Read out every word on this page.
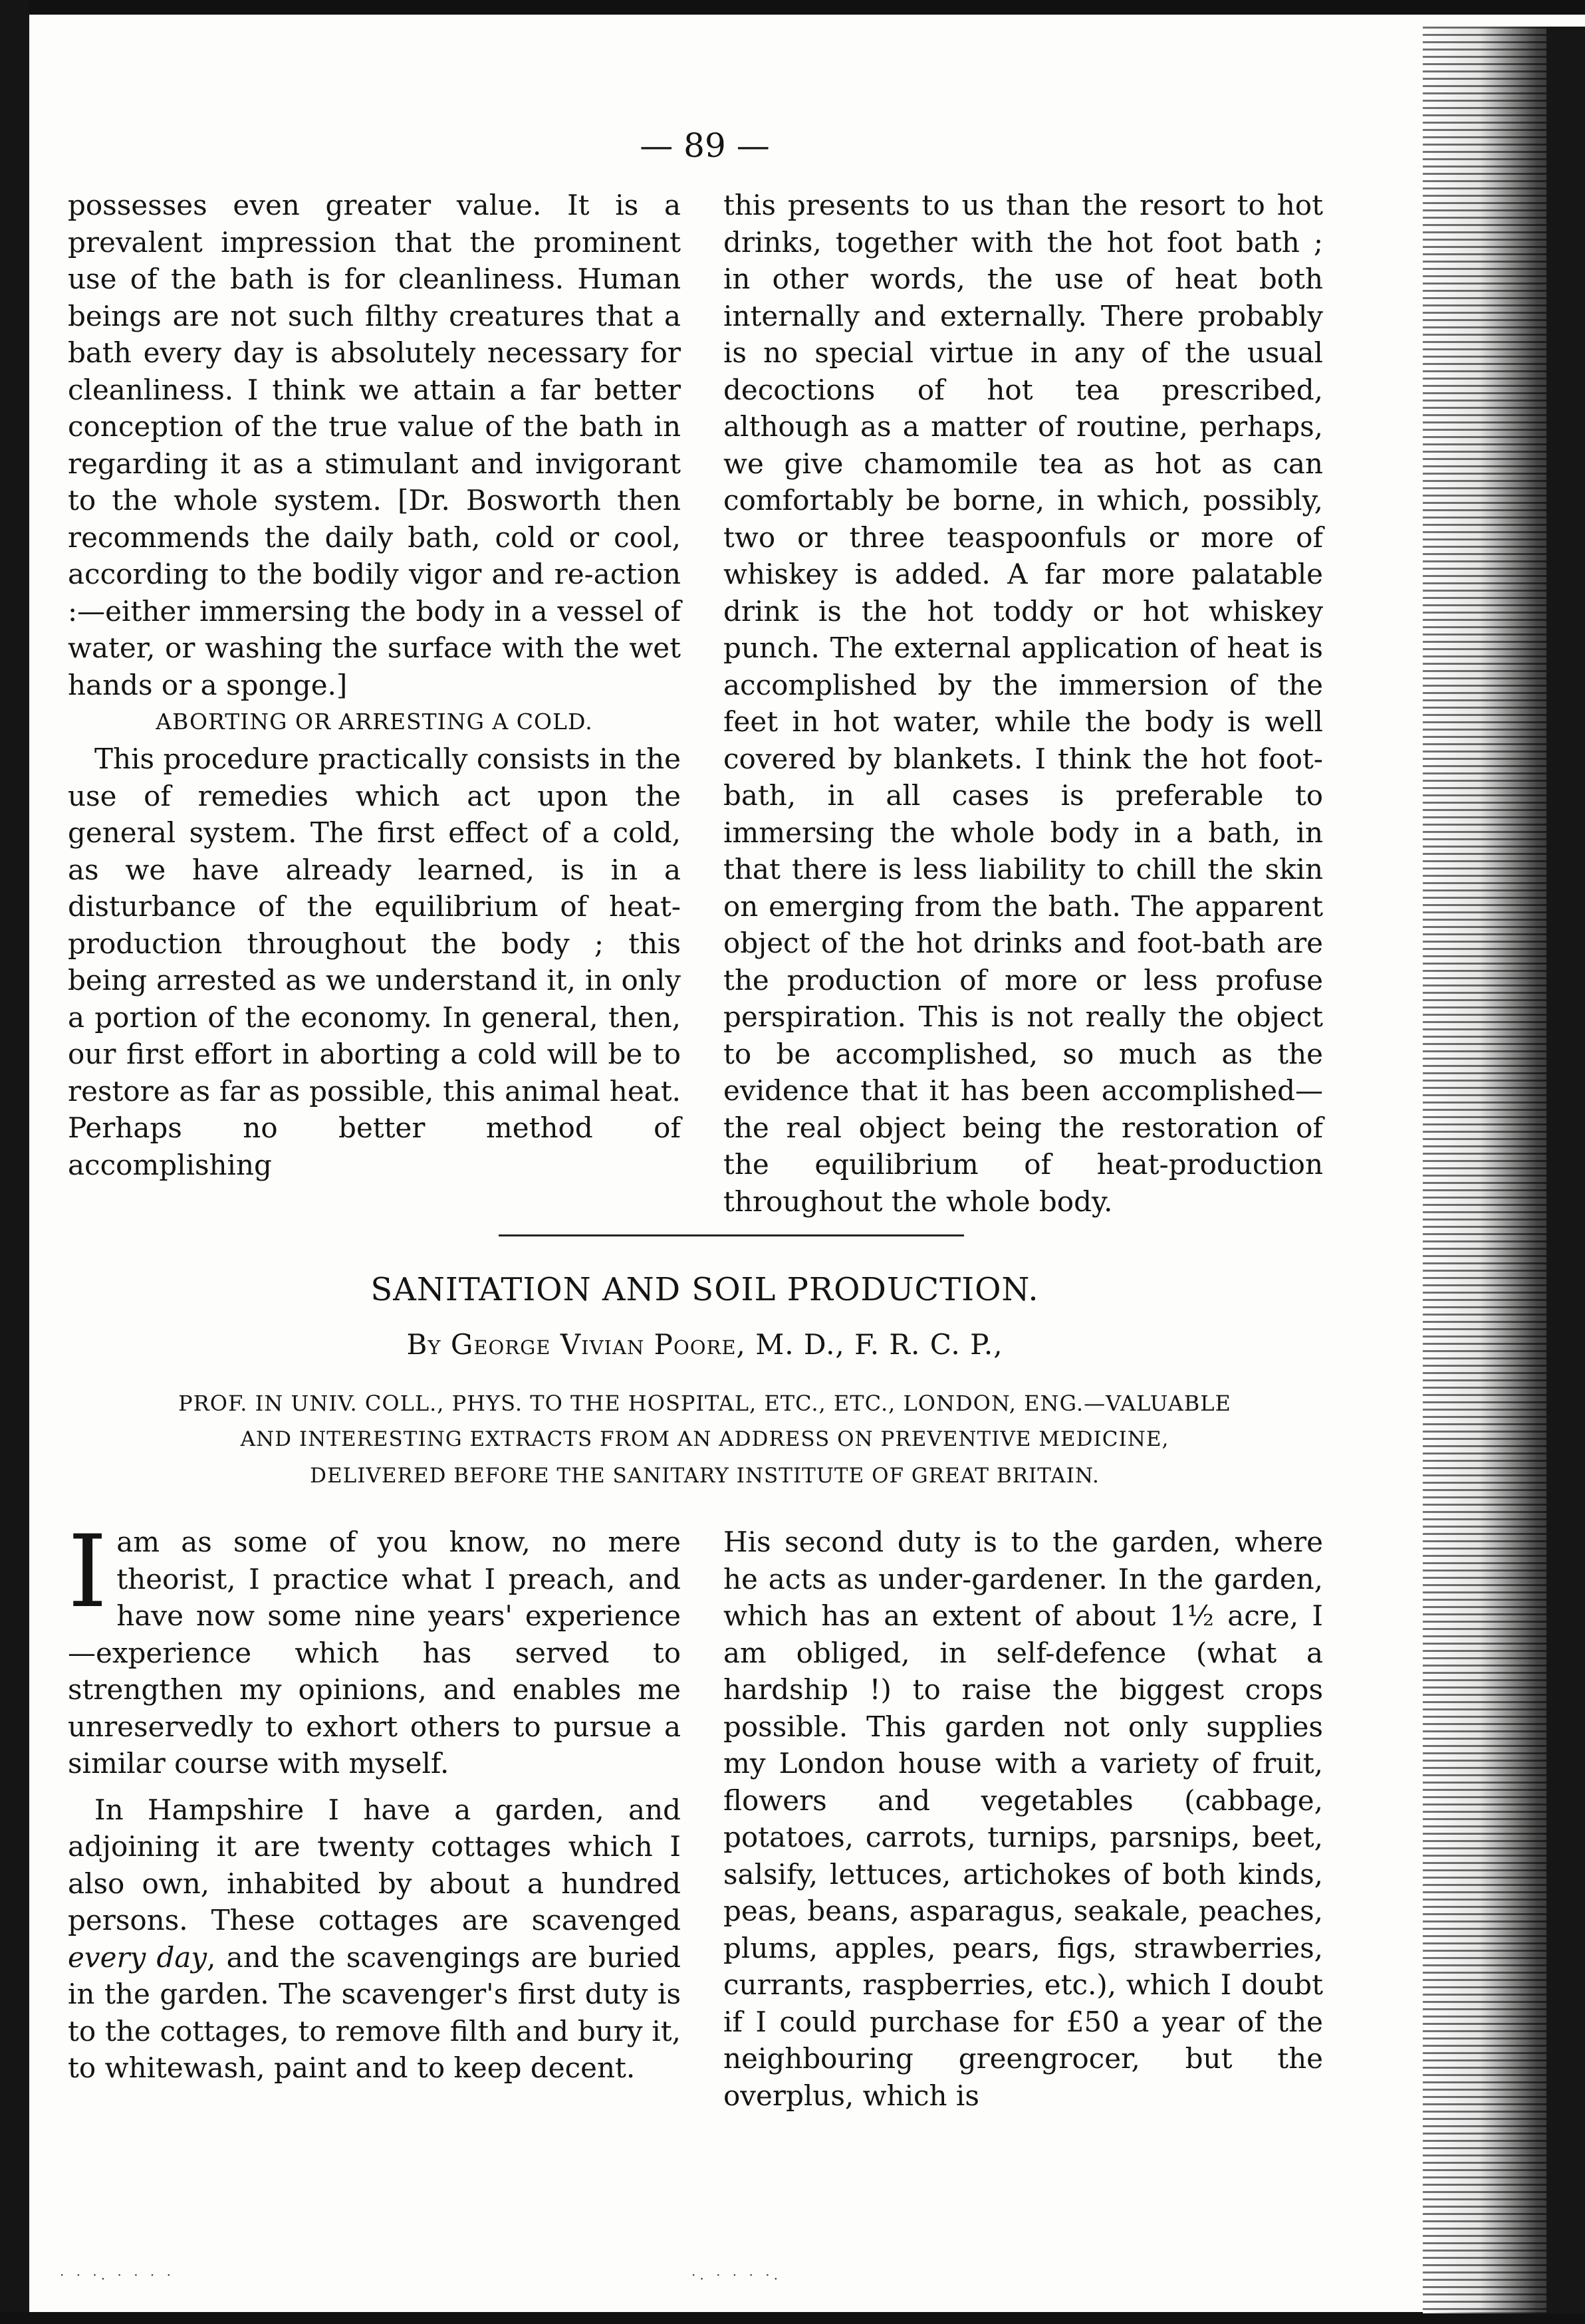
— 89 —

possesses even greater value. It is a prevalent impression that the prominent use of the bath is for cleanliness. Human beings are not such filthy creatures that a bath every day is absolutely necessary for cleanliness. I think we attain a far better conception of the true value of the bath in regarding it as a stimulant and invigorant to the whole system. [Dr. Bosworth then recommends the daily bath, cold or cool, according to the bodily vigor and re-action :—either immersing the body in a vessel of water, or washing the surface with the wet hands or a sponge.]

ABORTING OR ARRESTING A COLD.

This procedure practically consists in the use of remedies which act upon the general system. The first effect of a cold, as we have already learned, is in a disturbance of the equilibrium of heat-production throughout the body ; this being arrested as we understand it, in only a portion of the economy. In general, then, our first effort in aborting a cold will be to restore as far as possible, this animal heat. Perhaps no better method of accomplishing

this presents to us than the resort to hot drinks, together with the hot foot bath ; in other words, the use of heat both internally and externally. There probably is no special virtue in any of the usual decoctions of hot tea prescribed, although as a matter of routine, perhaps, we give chamomile tea as hot as can comfortably be borne, in which, possibly, two or three teaspoonfuls or more of whiskey is added. A far more palatable drink is the hot toddy or hot whiskey punch. The external application of heat is accomplished by the immersion of the feet in hot water, while the body is well covered by blankets. I think the hot foot-bath, in all cases is preferable to immersing the whole body in a bath, in that there is less liability to chill the skin on emerging from the bath. The apparent object of the hot drinks and foot-bath are the production of more or less profuse perspiration. This is not really the object to be accomplished, so much as the evidence that it has been accomplished—the real object being the restoration of the equilibrium of heat-production throughout the whole body.

SANITATION AND SOIL PRODUCTION.
By George Vivian Poore, M. D., F. R. C. P.,
PROF. IN UNIV. COLL., PHYS. TO THE HOSPITAL, ETC., ETC., LONDON, ENG.—VALUABLE
AND INTERESTING EXTRACTS FROM AN ADDRESS ON PREVENTIVE MEDICINE,
DELIVERED BEFORE THE SANITARY INSTITUTE OF GREAT BRITAIN.

Iam as some of you know, no mere theorist, I practice what I preach, and have now some nine years' experience —experience which has served to strengthen my opinions, and enables me unreservedly to exhort others to pursue a similar course with myself.

In Hampshire I have a garden, and adjoining it are twenty cottages which I also own, inhabited by about a hundred persons. These cottages are scavenged every day, and the scavengings are buried in the garden. The scavenger's first duty is to the cottages, to remove filth and bury it, to whitewash, paint and to keep decent.

His second duty is to the garden, where he acts as under-gardener. In the garden, which has an extent of about 1½ acre, I am obliged, in self-defence (what a hardship !) to raise the biggest crops possible. This garden not only supplies my London house with a variety of fruit, flowers and vegetables (cabbage, potatoes, carrots, turnips, parsnips, beet, salsify, lettuces, artichokes of both kinds, peas, beans, asparagus, seakale, peaches, plums, apples, pears, figs, strawberries, currants, raspberries, etc.), which I doubt if I could purchase for £50 a year of the neighbouring greengrocer, but the overplus, which is

· · ·. · · · ·	·. · · · ·.
